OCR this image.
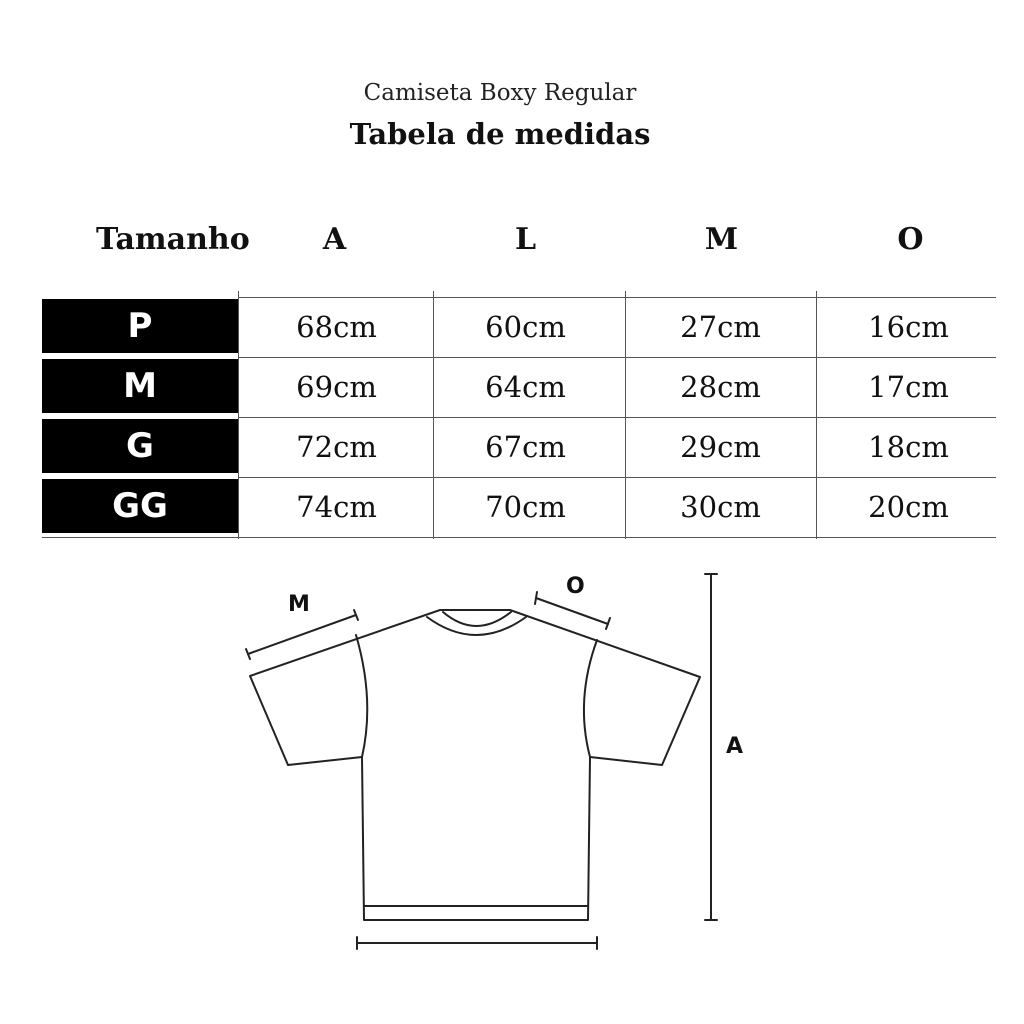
Camiseta Boxy Regular
Tabela de medidas
Tamanho	A	L	M	O
P	68cm	60cm	27cm	16cm
M	69cm	64cm	28cm	17cm
G	72cm	67cm	29cm	18cm
GG	74cm	70cm	30cm	20cm
M
O
A
